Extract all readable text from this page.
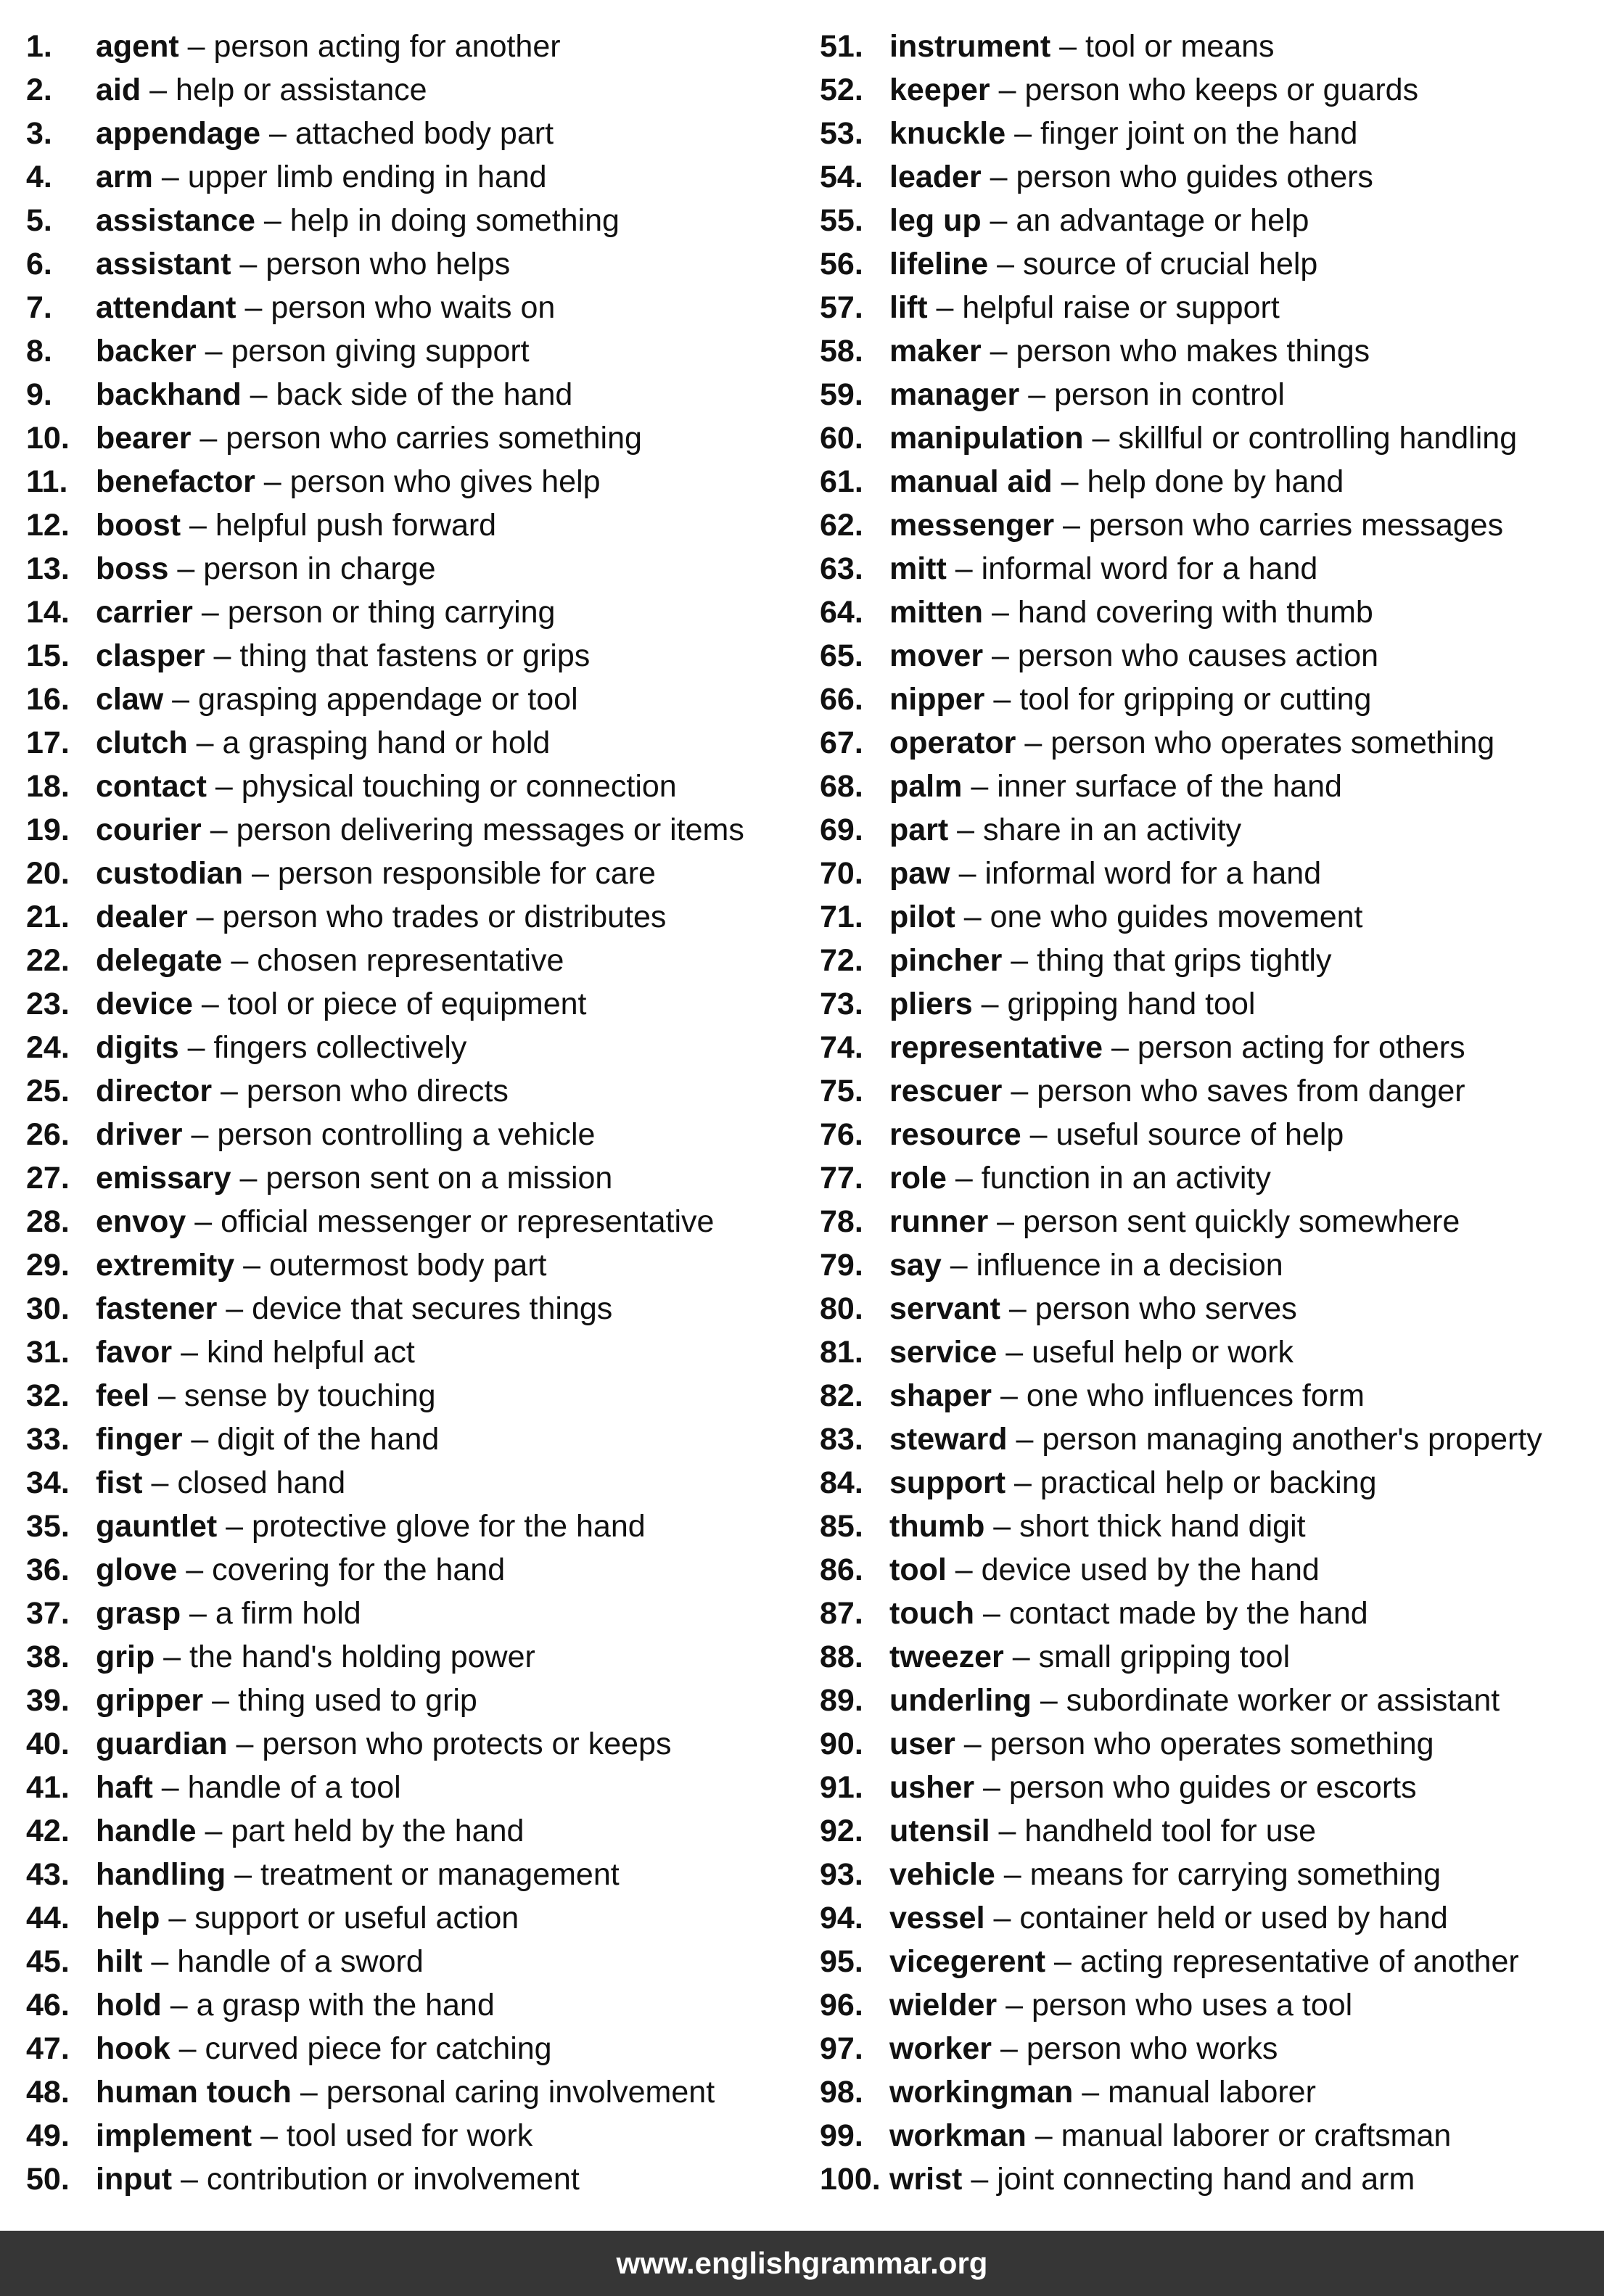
1. agent – person acting for another
2. aid – help or assistance
3. appendage – attached body part
4. arm – upper limb ending in hand
5. assistance – help in doing something
6. assistant – person who helps
7. attendant – person who waits on
8. backer – person giving support
9. backhand – back side of the hand
10. bearer – person who carries something
11. benefactor – person who gives help
12. boost – helpful push forward
13. boss – person in charge
14. carrier – person or thing carrying
15. clasper – thing that fastens or grips
16. claw – grasping appendage or tool
17. clutch – a grasping hand or hold
18. contact – physical touching or connection
19. courier – person delivering messages or items
20. custodian – person responsible for care
21. dealer – person who trades or distributes
22. delegate – chosen representative
23. device – tool or piece of equipment
24. digits – fingers collectively
25. director – person who directs
26. driver – person controlling a vehicle
27. emissary – person sent on a mission
28. envoy – official messenger or representative
29. extremity – outermost body part
30. fastener – device that secures things
31. favor – kind helpful act
32. feel – sense by touching
33. finger – digit of the hand
34. fist – closed hand
35. gauntlet – protective glove for the hand
36. glove – covering for the hand
37. grasp – a firm hold
38. grip – the hand's holding power
39. gripper – thing used to grip
40. guardian – person who protects or keeps
41. haft – handle of a tool
42. handle – part held by the hand
43. handling – treatment or management
44. help – support or useful action
45. hilt – handle of a sword
46. hold – a grasp with the hand
47. hook – curved piece for catching
48. human touch – personal caring involvement
49. implement – tool used for work
50. input – contribution or involvement
51. instrument – tool or means
52. keeper – person who keeps or guards
53. knuckle – finger joint on the hand
54. leader – person who guides others
55. leg up – an advantage or help
56. lifeline – source of crucial help
57. lift – helpful raise or support
58. maker – person who makes things
59. manager – person in control
60. manipulation – skillful or controlling handling
61. manual aid – help done by hand
62. messenger – person who carries messages
63. mitt – informal word for a hand
64. mitten – hand covering with thumb
65. mover – person who causes action
66. nipper – tool for gripping or cutting
67. operator – person who operates something
68. palm – inner surface of the hand
69. part – share in an activity
70. paw – informal word for a hand
71. pilot – one who guides movement
72. pincher – thing that grips tightly
73. pliers – gripping hand tool
74. representative – person acting for others
75. rescuer – person who saves from danger
76. resource – useful source of help
77. role – function in an activity
78. runner – person sent quickly somewhere
79. say – influence in a decision
80. servant – person who serves
81. service – useful help or work
82. shaper – one who influences form
83. steward – person managing another's property
84. support – practical help or backing
85. thumb – short thick hand digit
86. tool – device used by the hand
87. touch – contact made by the hand
88. tweezer – small gripping tool
89. underling – subordinate worker or assistant
90. user – person who operates something
91. usher – person who guides or escorts
92. utensil – handheld tool for use
93. vehicle – means for carrying something
94. vessel – container held or used by hand
95. vicegerent – acting representative of another
96. wielder – person who uses a tool
97. worker – person who works
98. workingman – manual laborer
99. workman – manual laborer or craftsman
100. wrist – joint connecting hand and arm
www.englishgrammar.org
